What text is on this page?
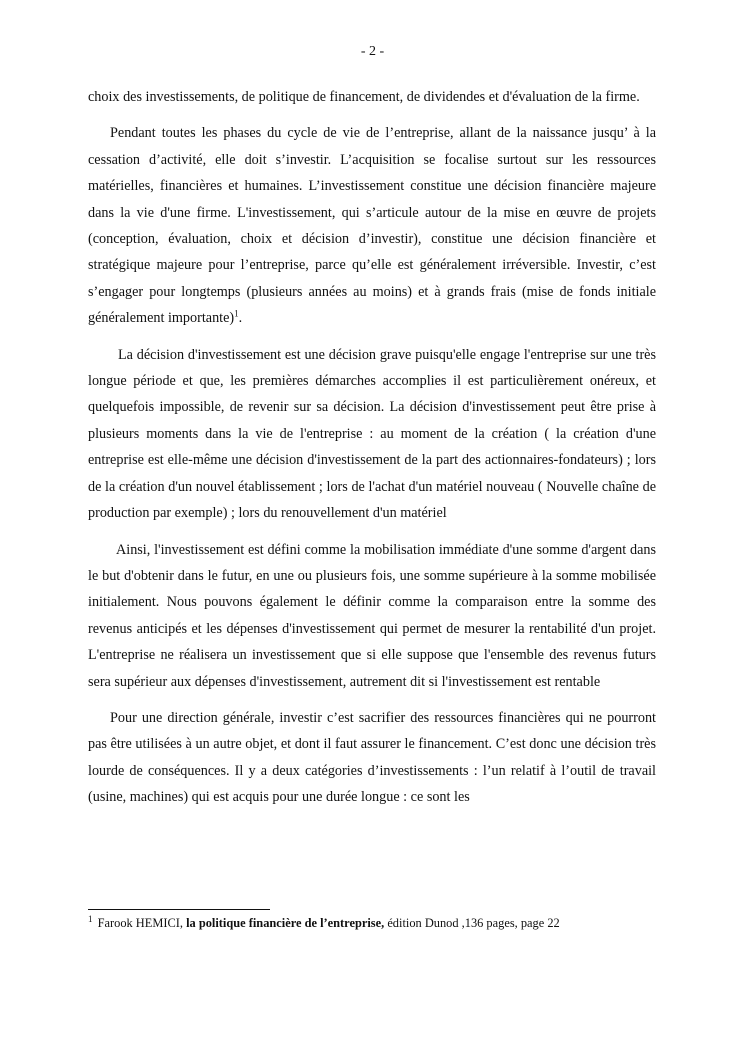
- 2 -

choix des investissements, de politique de financement, de dividendes et d'évaluation de la firme.

Pendant toutes les phases du cycle de vie de l’entreprise, allant de la naissance jusqu’ à la cessation d’activité, elle doit s’investir. L’acquisition se focalise surtout sur les ressources matérielles, financières et humaines. L’investissement constitue une décision financière majeure dans la vie d'une firme. L'investissement, qui s’articule autour de la mise en œuvre de projets (conception, évaluation, choix et décision d’investir), constitue une décision financière et stratégique majeure pour l’entreprise, parce qu’elle est généralement irréversible. Investir, c’est s’engager pour longtemps (plusieurs années au moins) et à grands frais (mise de fonds initiale généralement importante)$^1$.

La décision d'investissement est une décision grave puisqu'elle engage l'entreprise sur une très longue période et que, les premières démarches accomplies il est particulièrement onéreux, et quelquefois impossible, de revenir sur sa décision. La décision d'investissement peut être prise à plusieurs moments dans la vie de l'entreprise : au moment de la création ( la création d'une entreprise est elle-même une décision d'investissement de la part des actionnaires-fondateurs) ; lors de la création d'un nouvel établissement ; lors de l'achat d'un matériel nouveau ( Nouvelle chaîne de production par exemple) ; lors du renouvellement d'un matériel

Ainsi, l'investissement est défini comme la mobilisation immédiate d'une somme d'argent dans le but d'obtenir dans le futur, en une ou plusieurs fois, une somme supérieure à la somme mobilisée initialement. Nous pouvons également le définir comme la comparaison entre la somme des revenus anticipés et les dépenses d'investissement qui permet de mesurer la rentabilité d'un projet. L'entreprise ne réalisera un investissement que si elle suppose que l'ensemble des revenus futurs sera supérieur aux dépenses d'investissement, autrement dit si l'investissement est rentable

Pour une direction générale, investir c’est sacrifier des ressources financières qui ne pourront pas être utilisées à un autre objet, et dont il faut assurer le financement. C’est donc une décision très lourde de conséquences. Il y a deux catégories d’investissements : l’un relatif à l’outil de travail (usine, machines) qui est acquis pour une durée longue : ce sont les

$^1$ Farook HEMICI, la politique financière de l’entreprise, édition Dunod ,136 pages, page 22
